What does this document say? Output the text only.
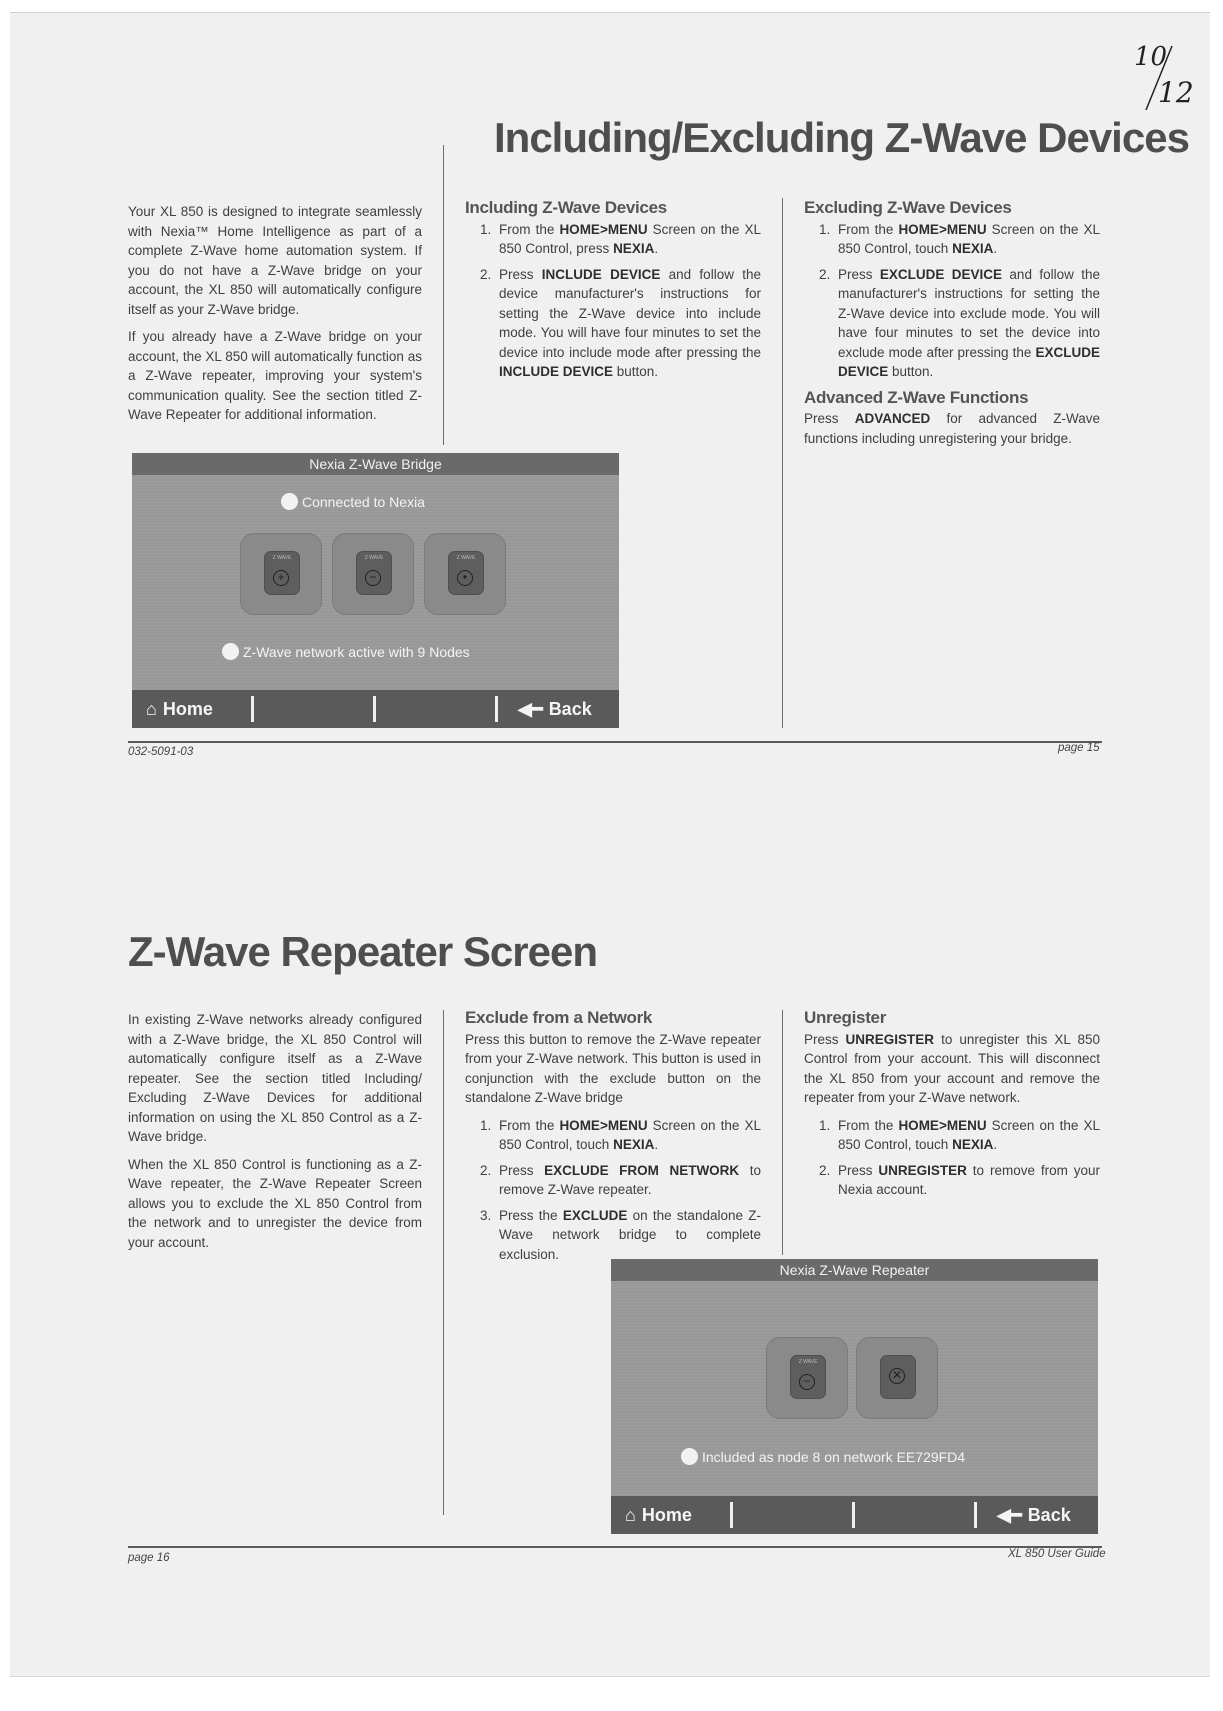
10
12
Including/Excluding Z-Wave Devices

Your XL 850 is designed to integrate seamlessly with Nexia™ Home Intelligence as part of a complete Z-Wave home automation system. If you do not have a Z-Wave bridge on your account, the XL 850 will automatically configure itself as your Z-Wave bridge.

If you already have a Z-Wave bridge on your account, the XL 850 will automatically function as a Z-Wave repeater, improving your system's communication quality. See the section titled Z-Wave Repeater for additional information.

Including Z-Wave Devices
1. From the HOME>MENU Screen on the XL 850 Control, press NEXIA.
2. Press INCLUDE DEVICE and follow the device manufacturer's instructions for setting the Z-Wave device into include mode. You will have four minutes to set the device into include mode after pressing the INCLUDE DEVICE button.
Excluding Z-Wave Devices
1. From the HOME>MENU Screen on the XL 850 Control, touch NEXIA.
2. Press EXCLUDE DEVICE and follow the manufacturer's instructions for setting the Z-Wave device into exclude mode. You will have four minutes to set the device into exclude mode after pressing the EXCLUDE DEVICE button.
Advanced Z-Wave Functions

Press ADVANCED for advanced Z-Wave functions including unregistering your bridge.

Nexia Z-Wave Bridge
Connected to Nexia
Z WAVE
+
Z WAVE
−
Z WAVE
•
Z-Wave network active with 9 Nodes
⌂ Home	◀━ Back
032-5091-03	page 15
Z-Wave Repeater Screen

In existing Z-Wave networks already configured with a Z-Wave bridge, the XL 850 Control will automatically configure itself as a Z-Wave repeater. See the section titled Including/ Excluding Z-Wave Devices for additional information on using the XL 850 Control as a Z-Wave bridge.

When the XL 850 Control is functioning as a Z-Wave repeater, the Z-Wave Repeater Screen allows you to exclude the XL 850 Control from the network and to unregister the device from your account.

Exclude from a Network

Press this button to remove the Z-Wave repeater from your Z-Wave network. This button is used in conjunction with the exclude button on the standalone Z-Wave bridge

1. From the HOME>MENU Screen on the XL 850 Control, touch NEXIA.
2. Press EXCLUDE FROM NETWORK to remove Z-Wave repeater.
3. Press the EXCLUDE on the standalone Z-Wave network bridge to complete exclusion.
Unregister

Press UNREGISTER to unregister this XL 850 Control from your account. This will disconnect the XL 850 from your account and remove the repeater from your Z-Wave network.

1. From the HOME>MENU Screen on the XL 850 Control, touch NEXIA.
2. Press UNREGISTER to remove from your Nexia account.
Nexia Z-Wave Repeater
Z WAVE
−	✕
Included as node 8 on network EE729FD4
⌂ Home	◀━ Back
page 16	XL 850 User Guide
